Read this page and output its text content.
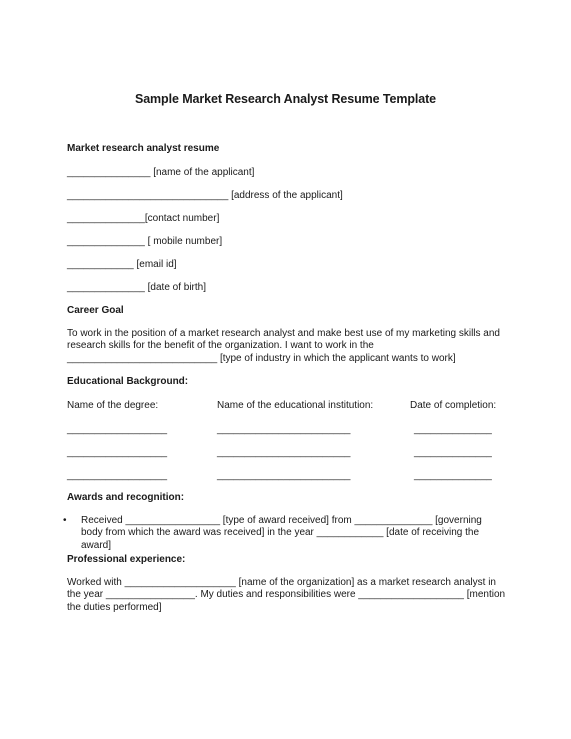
Sample Market Research Analyst Resume Template
Market research analyst resume
_______________ [name of the applicant]
_____________________________ [address of the applicant]
______________[contact number]
______________ [ mobile number]
____________ [email id]
______________ [date of birth]
Career Goal
To work in the position of a market research analyst and make best use of my marketing skills and research skills for the benefit of the organization. I want to work in the ___________________________ [type of industry in which the applicant wants to work]
Educational Background:
Name of the degree:	Name of the educational institution:	Date of completion:
__________________	________________________	______________
__________________	________________________	______________
__________________	________________________	______________
Awards and recognition:
• Received _________________ [type of award received] from ______________ [governing body from which the award was received] in the year ____________ [date of receiving the award]
Professional experience:
Worked with ____________________ [name of the organization] as a market research analyst in the year ________________. My duties and responsibilities were ___________________ [mention the duties performed]
